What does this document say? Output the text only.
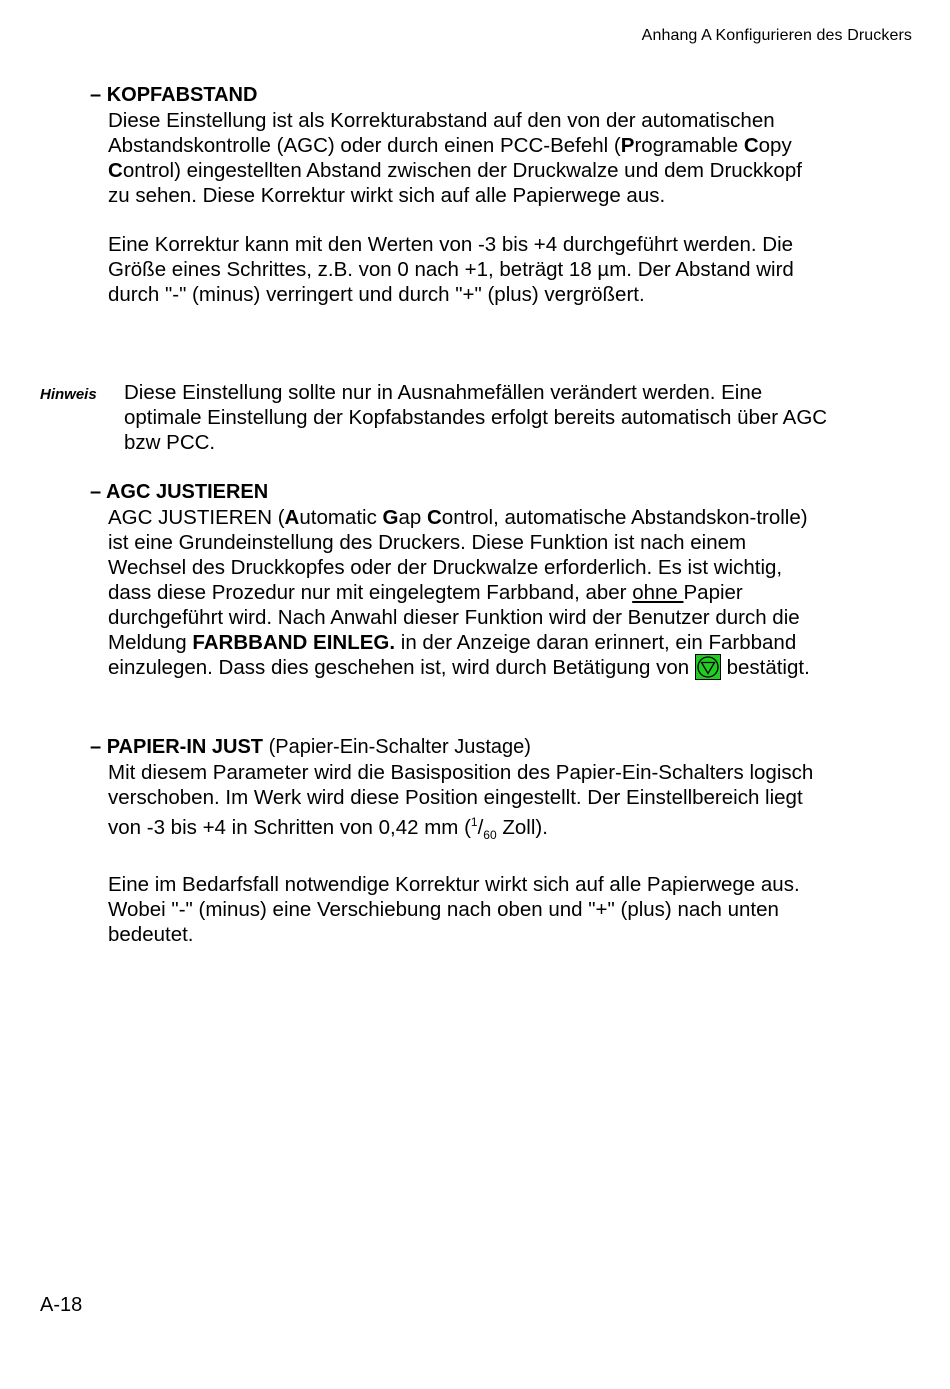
Anhang A Konfigurieren des Druckers
– KOPFABSTAND
Diese Einstellung ist als Korrekturabstand auf den von der automatischen Abstandskontrolle (AGC) oder durch einen PCC-Befehl (Programable Copy Control) eingestellten Abstand zwischen der Druckwalze und dem Druckkopf zu sehen. Diese Korrektur wirkt sich auf alle Papierwege aus.
Eine Korrektur kann mit den Werten von -3 bis +4 durchgeführt werden. Die Größe eines Schrittes, z.B. von 0 nach +1, beträgt 18 µm. Der Abstand wird durch "-" (minus) verringert und durch "+" (plus) vergrößert.
Hinweis Diese Einstellung sollte nur in Ausnahmefällen verändert werden. Eine optimale Einstellung der Kopfabstandes erfolgt bereits automatisch über AGC bzw PCC.
– AGC JUSTIEREN
AGC JUSTIEREN (Automatic Gap Control, automatische Abstandskon-trolle) ist eine Grundeinstellung des Druckers. Diese Funktion ist nach einem Wechsel des Druckkopfes oder der Druckwalze erforderlich. Es ist wichtig, dass diese Prozedur nur mit eingelegtem Farbband, aber ohne Papier durchgeführt wird. Nach Anwahl dieser Funktion wird der Benutzer durch die Meldung FARBBAND EINLEG. in der Anzeige daran erinnert, ein Farbband einzulegen. Dass dies geschehen ist, wird durch Betätigung von  bestätigt.
– PAPIER-IN JUST (Papier-Ein-Schalter Justage)
Mit diesem Parameter wird die Basisposition des Papier-Ein-Schalters logisch verschoben. Im Werk wird diese Position eingestellt. Der Einstellbereich liegt von -3 bis +4 in Schritten von 0,42 mm ($^1/_{60}$ Zoll).
Eine im Bedarfsfall notwendige Korrektur wirkt sich auf alle Papierwege aus. Wobei "-" (minus) eine Verschiebung nach oben und "+" (plus) nach unten bedeutet.
A-18
